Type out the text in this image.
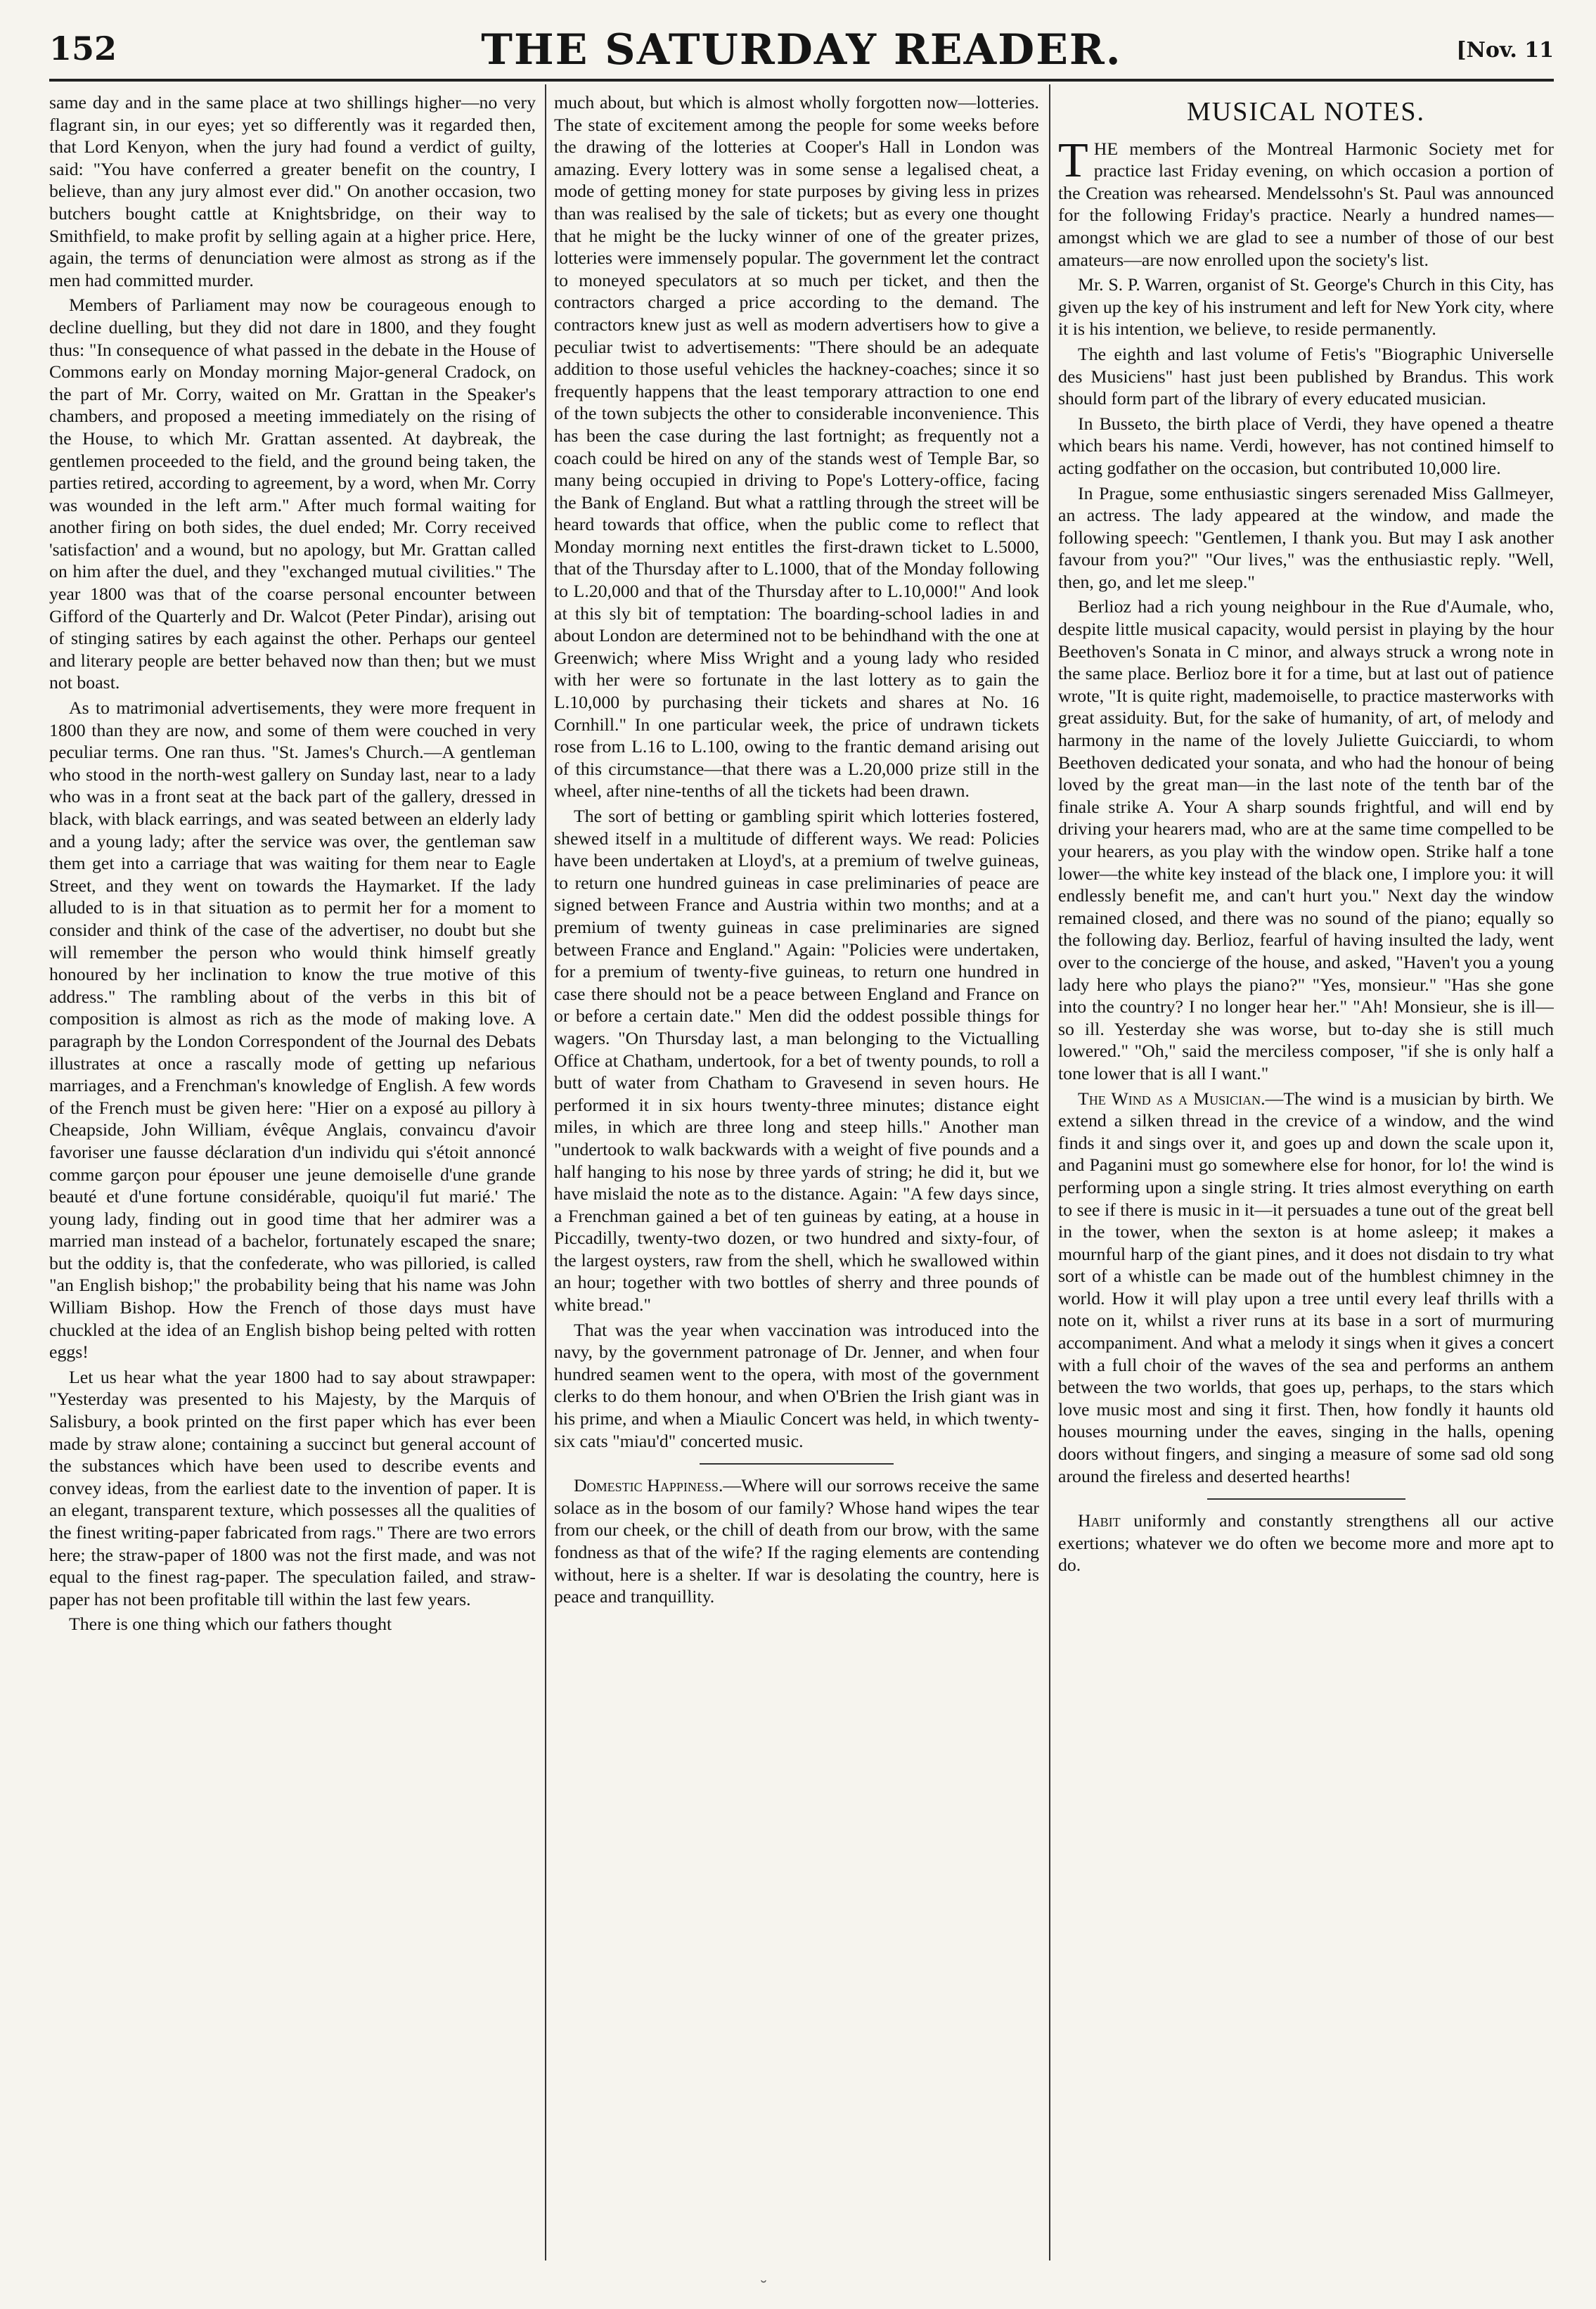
152	THE SATURDAY READER.	[Nov. 11

same day and in the same place at two shillings higher—no very flagrant sin, in our eyes; yet so differently was it regarded then, that Lord Kenyon, when the jury had found a verdict of guilty, said: "You have conferred a greater benefit on the country, I believe, than any jury almost ever did." On another occasion, two butchers bought cattle at Knightsbridge, on their way to Smithfield, to make profit by selling again at a higher price. Here, again, the terms of denunciation were almost as strong as if the men had committed murder.

Members of Parliament may now be courageous enough to decline duelling, but they did not dare in 1800, and they fought thus: "In consequence of what passed in the debate in the House of Commons early on Monday morning Major-general Cradock, on the part of Mr. Corry, waited on Mr. Grattan in the Speaker's chambers, and proposed a meeting immediately on the rising of the House, to which Mr. Grattan assented. At daybreak, the gentlemen proceeded to the field, and the ground being taken, the parties retired, according to agreement, by a word, when Mr. Corry was wounded in the left arm." After much formal waiting for another firing on both sides, the duel ended; Mr. Corry received 'satisfaction' and a wound, but no apology, but Mr. Grattan called on him after the duel, and they "exchanged mutual civilities." The year 1800 was that of the coarse personal encounter between Gifford of the Quarterly and Dr. Walcot (Peter Pindar), arising out of stinging satires by each against the other. Perhaps our genteel and literary people are better behaved now than then; but we must not boast.

As to matrimonial advertisements, they were more frequent in 1800 than they are now, and some of them were couched in very peculiar terms. One ran thus. "St. James's Church.—A gentleman who stood in the north-west gallery on Sunday last, near to a lady who was in a front seat at the back part of the gallery, dressed in black, with black earrings, and was seated between an elderly lady and a young lady; after the service was over, the gentleman saw them get into a carriage that was waiting for them near to Eagle Street, and they went on towards the Haymarket. If the lady alluded to is in that situation as to permit her for a moment to consider and think of the case of the advertiser, no doubt but she will remember the person who would think himself greatly honoured by her inclination to know the true motive of this address." The rambling about of the verbs in this bit of composition is almost as rich as the mode of making love. A paragraph by the London Correspondent of the Journal des Debats illustrates at once a rascally mode of getting up nefarious marriages, and a Frenchman's knowledge of English. A few words of the French must be given here: "Hier on a exposé au pillory à Cheapside, John William, évêque Anglais, convaincu d'avoir favoriser une fausse déclaration d'un individu qui s'étoit annoncé comme garçon pour épouser une jeune demoiselle d'une grande beauté et d'une fortune considérable, quoiqu'il fut marié.' The young lady, finding out in good time that her admirer was a married man instead of a bachelor, fortunately escaped the snare; but the oddity is, that the confederate, who was pilloried, is called "an English bishop;" the probability being that his name was John William Bishop. How the French of those days must have chuckled at the idea of an English bishop being pelted with rotten eggs!

Let us hear what the year 1800 had to say about strawpaper: "Yesterday was presented to his Majesty, by the Marquis of Salisbury, a book printed on the first paper which has ever been made by straw alone; containing a succinct but general account of the substances which have been used to describe events and convey ideas, from the earliest date to the invention of paper. It is an elegant, transparent texture, which possesses all the qualities of the finest writing-paper fabricated from rags." There are two errors here; the straw-paper of 1800 was not the first made, and was not equal to the finest rag-paper. The speculation failed, and straw-paper has not been profitable till within the last few years.

There is one thing which our fathers thought

much about, but which is almost wholly forgotten now—lotteries. The state of excitement among the people for some weeks before the drawing of the lotteries at Cooper's Hall in London was amazing. Every lottery was in some sense a legalised cheat, a mode of getting money for state purposes by giving less in prizes than was realised by the sale of tickets; but as every one thought that he might be the lucky winner of one of the greater prizes, lotteries were immensely popular. The government let the contract to moneyed speculators at so much per ticket, and then the contractors charged a price according to the demand. The contractors knew just as well as modern advertisers how to give a peculiar twist to advertisements: "There should be an adequate addition to those useful vehicles the hackney-coaches; since it so frequently happens that the least temporary attraction to one end of the town subjects the other to considerable inconvenience. This has been the case during the last fortnight; as frequently not a coach could be hired on any of the stands west of Temple Bar, so many being occupied in driving to Pope's Lottery-office, facing the Bank of England. But what a rattling through the street will be heard towards that office, when the public come to reflect that Monday morning next entitles the first-drawn ticket to L.5000, that of the Thursday after to L.1000, that of the Monday following to L.20,000 and that of the Thursday after to L.10,000!" And look at this sly bit of temptation: The boarding-school ladies in and about London are determined not to be behindhand with the one at Greenwich; where Miss Wright and a young lady who resided with her were so fortunate in the last lottery as to gain the L.10,000 by purchasing their tickets and shares at No. 16 Cornhill." In one particular week, the price of undrawn tickets rose from L.16 to L.100, owing to the frantic demand arising out of this circumstance—that there was a L.20,000 prize still in the wheel, after nine-tenths of all the tickets had been drawn.

The sort of betting or gambling spirit which lotteries fostered, shewed itself in a multitude of different ways. We read: Policies have been undertaken at Lloyd's, at a premium of twelve guineas, to return one hundred guineas in case preliminaries of peace are signed between France and Austria within two months; and at a premium of twenty guineas in case preliminaries are signed between France and England." Again: "Policies were undertaken, for a premium of twenty-five guineas, to return one hundred in case there should not be a peace between England and France on or before a certain date." Men did the oddest possible things for wagers. "On Thursday last, a man belonging to the Victualling Office at Chatham, undertook, for a bet of twenty pounds, to roll a butt of water from Chatham to Gravesend in seven hours. He performed it in six hours twenty-three minutes; distance eight miles, in which are three long and steep hills." Another man "undertook to walk backwards with a weight of five pounds and a half hanging to his nose by three yards of string; he did it, but we have mislaid the note as to the distance. Again: "A few days since, a Frenchman gained a bet of ten guineas by eating, at a house in Piccadilly, twenty-two dozen, or two hundred and sixty-four, of the largest oysters, raw from the shell, which he swallowed within an hour; together with two bottles of sherry and three pounds of white bread."

That was the year when vaccination was introduced into the navy, by the government patronage of Dr. Jenner, and when four hundred seamen went to the opera, with most of the government clerks to do them honour, and when O'Brien the Irish giant was in his prime, and when a Miaulic Concert was held, in which twenty-six cats "miau'd" concerted music.

Domestic Happiness.—Where will our sorrows receive the same solace as in the bosom of our family? Whose hand wipes the tear from our cheek, or the chill of death from our brow, with the same fondness as that of the wife? If the raging elements are contending without, here is a shelter. If war is desolating the country, here is peace and tranquillity.

MUSICAL NOTES.

THE members of the Montreal Harmonic Society met for practice last Friday evening, on which occasion a portion of the Creation was rehearsed. Mendelssohn's St. Paul was announced for the following Friday's practice. Nearly a hundred names—amongst which we are glad to see a number of those of our best amateurs—are now enrolled upon the society's list.

Mr. S. P. Warren, organist of St. George's Church in this City, has given up the key of his instrument and left for New York city, where it is his intention, we believe, to reside permanently.

The eighth and last volume of Fetis's "Biographic Universelle des Musiciens" hast just been published by Brandus. This work should form part of the library of every educated musician.

In Busseto, the birth place of Verdi, they have opened a theatre which bears his name. Verdi, however, has not contined himself to acting godfather on the occasion, but contributed 10,000 lire.

In Prague, some enthusiastic singers serenaded Miss Gallmeyer, an actress. The lady appeared at the window, and made the following speech: "Gentlemen, I thank you. But may I ask another favour from you?" "Our lives," was the enthusiastic reply. "Well, then, go, and let me sleep."

Berlioz had a rich young neighbour in the Rue d'Aumale, who, despite little musical capacity, would persist in playing by the hour Beethoven's Sonata in C minor, and always struck a wrong note in the same place. Berlioz bore it for a time, but at last out of patience wrote, "It is quite right, mademoiselle, to practice masterworks with great assiduity. But, for the sake of humanity, of art, of melody and harmony in the name of the lovely Juliette Guicciardi, to whom Beethoven dedicated your sonata, and who had the honour of being loved by the great man—in the last note of the tenth bar of the finale strike A. Your A sharp sounds frightful, and will end by driving your hearers mad, who are at the same time compelled to be your hearers, as you play with the window open. Strike half a tone lower—the white key instead of the black one, I implore you: it will endlessly benefit me, and can't hurt you." Next day the window remained closed, and there was no sound of the piano; equally so the following day. Berlioz, fearful of having insulted the lady, went over to the concierge of the house, and asked, "Haven't you a young lady here who plays the piano?" "Yes, monsieur." "Has she gone into the country? I no longer hear her." "Ah! Monsieur, she is ill—so ill. Yesterday she was worse, but to-day she is still much lowered." "Oh," said the merciless composer, "if she is only half a tone lower that is all I want."

The Wind as a Musician.—The wind is a musician by birth. We extend a silken thread in the crevice of a window, and the wind finds it and sings over it, and goes up and down the scale upon it, and Paganini must go somewhere else for honor, for lo! the wind is performing upon a single string. It tries almost everything on earth to see if there is music in it—it persuades a tune out of the great bell in the tower, when the sexton is at home asleep; it makes a mournful harp of the giant pines, and it does not disdain to try what sort of a whistle can be made out of the humblest chimney in the world. How it will play upon a tree until every leaf thrills with a note on it, whilst a river runs at its base in a sort of murmuring accompaniment. And what a melody it sings when it gives a concert with a full choir of the waves of the sea and performs an anthem between the two worlds, that goes up, perhaps, to the stars which love music most and sing it first. Then, how fondly it haunts old houses mourning under the eaves, singing in the halls, opening doors without fingers, and singing a measure of some sad old song around the fireless and deserted hearths!

Habit uniformly and constantly strengthens all our active exertions; whatever we do often we become more and more apt to do.

˘
